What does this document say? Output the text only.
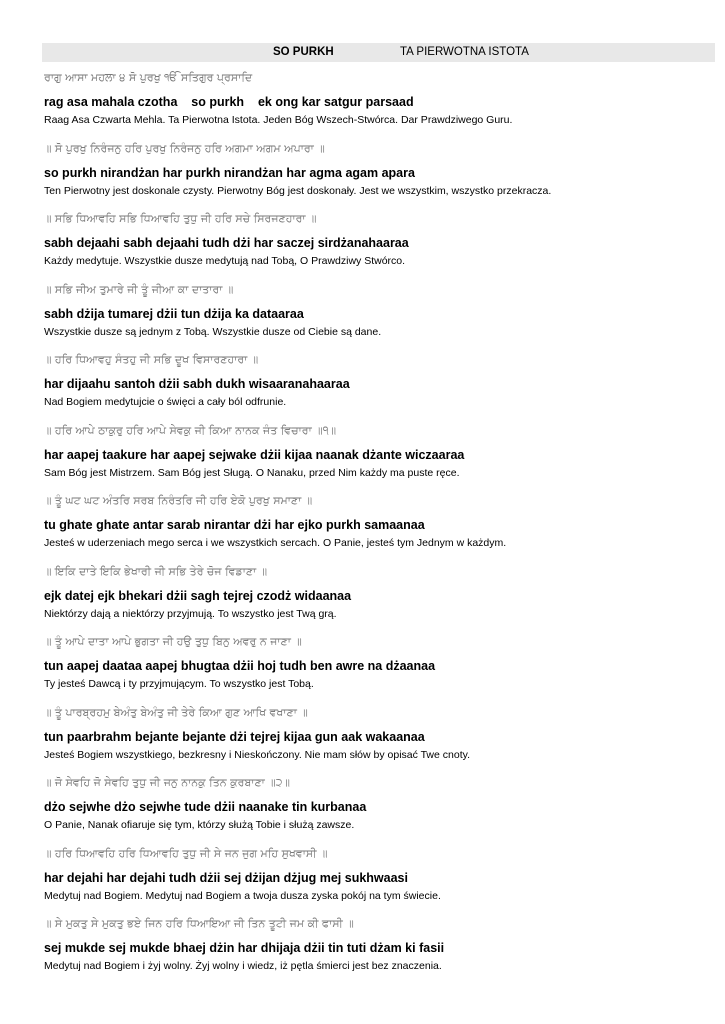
SO PURKH	TA PIERWOTNA ISTOTA
ਰਾਗੁ ਆਸਾ ਮਹਲਾ ੪ ਸੋ ਪੁਰਖੁ ੴ ਸਤਿਗੁਰ ਪ੍ਰਸਾਦਿ
rag asa mahala czotha    so purkh    ek ong kar satgur parsaad
Raag Asa Czwarta Mehla. Ta Pierwotna Istota. Jeden Bóg Wszech-Stwórca. Dar Prawdziwego Guru.
॥ ਸੋ ਪੁਰਖੁ ਨਿਰੰਜਨੁ ਹਰਿ ਪੁਰਖੁ ਨਿਰੰਜਨੁ ਹਰਿ ਅਗਮਾ ਅਗਮ ਅਪਾਰਾ ॥
so purkh nirandżan har purkh nirandżan har agma agam apara
Ten Pierwotny jest doskonale czysty. Pierwotny Bóg jest doskonały. Jest we wszystkim, wszystko przekracza.
॥ ਸਭਿ ਧਿਆਵਹਿ ਸਭਿ ਧਿਆਵਹਿ ਤੁਧੁ ਜੀ ਹਰਿ ਸਚੇ ਸਿਰਜਣਹਾਰਾ ॥
sabh dejaahi sabh dejaahi tudh dżi har saczej sirdżanahaaraa
Każdy medytuje. Wszystkie dusze medytują nad Tobą, O Prawdziwy Stwórco.
॥ ਸਭਿ ਜੀਅ ਤੁਮਾਰੇ ਜੀ ਤੂੰ ਜੀਆ ਕਾ ਦਾਤਾਰਾ ॥
sabh dżija tumarej dżii tun dżija ka dataaraa
Wszystkie dusze są jednym z Tobą. Wszystkie dusze od Ciebie są dane.
॥ ਹਰਿ ਧਿਆਵਹੁ ਸੰਤਹੁ ਜੀ ਸਭਿ ਦੂਖ ਵਿਸਾਰਣਹਾਰਾ ॥
har dijaahu santoh dżii sabh dukh wisaaranahaaraa
Nad Bogiem medytujcie o święci a cały ból odfrunie.
॥ ਹਰਿ ਆਪੇ ਠਾਕੁਰੁ ਹਰਿ ਆਪੇ ਸੇਵਕੁ ਜੀ ਕਿਆ ਨਾਨਕ ਜੰਤ ਵਿਚਾਰਾ ॥੧॥
har aapej taakure har aapej sejwake dżii kijaa naanak dżante wiczaaraa
Sam Bóg jest Mistrzem. Sam Bóg jest Sługą. O Nanaku, przed Nim każdy ma puste ręce.
॥ ਤੂੰ ਘਟ ਘਟ ਅੰਤਰਿ ਸਰਬ ਨਿਰੰਤਰਿ ਜੀ ਹਰਿ ਏਕੋ ਪੁਰਖੁ ਸਮਾਣਾ ॥
tu ghate ghate antar sarab nirantar dżi har ejko purkh samaanaa
Jesteś w uderzeniach mego serca i we wszystkich sercach. O Panie, jesteś tym Jednym w każdym.
॥ ਇਕਿ ਦਾਤੇ ਇਕਿ ਭੇਖਾਰੀ ਜੀ ਸਭਿ ਤੇਰੇ ਚੋਜ ਵਿਡਾਣਾ ॥
ejk datej ejk bhekari dżii sagh tejrej czodż widaanaa
Niektórzy dają a niektórzy przyjmują. To wszystko jest Twą grą.
॥ ਤੂੰ ਆਪੇ ਦਾਤਾ ਆਪੇ ਭੁਗਤਾ ਜੀ ਹਉ ਤੁਧੁ ਬਿਨੁ ਅਵਰੁ ਨ ਜਾਣਾ ॥
tun aapej daataa aapej bhugtaa dżii hoj tudh ben awre na dżaanaa
Ty jesteś Dawcą i ty przyjmującym. To wszystko jest Tobą.
॥ ਤੂੰ ਪਾਰਬ੍ਰਹਮੁ ਬੇਅੰਤੁ ਬੇਅੰਤੁ ਜੀ ਤੇਰੇ ਕਿਆ ਗੁਣ ਆਖਿ ਵਖਾਣਾ ॥
tun paarbrahm bejante bejante dżi tejrej kijaa gun aak wakaanaa
Jesteś Bogiem wszystkiego, bezkresny i Nieskończony. Nie mam słów by opisać Twe cnoty.
॥ ਜੋ ਸੇਵਹਿ ਜੋ ਸੇਵਹਿ ਤੁਧੁ ਜੀ ਜਨੁ ਨਾਨਕੁ ਤਿਨ ਕੁਰਬਾਣਾ ॥੨॥
dżo sejwhe dżo sejwhe tude dżii naanake tin kurbanaa
O Panie, Nanak ofiaruje się tym, którzy służą Tobie i służą zawsze.
॥ ਹਰਿ ਧਿਆਵਹਿ ਹਰਿ ਧਿਆਵਹਿ ਤੁਧੁ ਜੀ ਸੇ ਜਨ ਜੁਗ ਮਹਿ ਸੁਖਵਾਸੀ ॥
har dejahi har dejahi tudh dżii sej dżijan dżjug mej sukhwaasi
Medytuj nad Bogiem. Medytuj nad Bogiem a twoja dusza zyska pokój na tym świecie.
॥ ਸੇ ਮੁਕਤੁ ਸੇ ਮੁਕਤੁ ਭਏ ਜਿਨ ਹਰਿ ਧਿਆਇਆ ਜੀ ਤਿਨ ਤੂਟੀ ਜਮ ਕੀ ਫਾਸੀ ॥
sej mukde sej mukde bhaej dżin har dhijaja dżii tin tuti dżam ki fasii
Medytuj nad Bogiem i żyj wolny. Żyj wolny i wiedz, iż pętla śmierci jest bez znaczenia.
